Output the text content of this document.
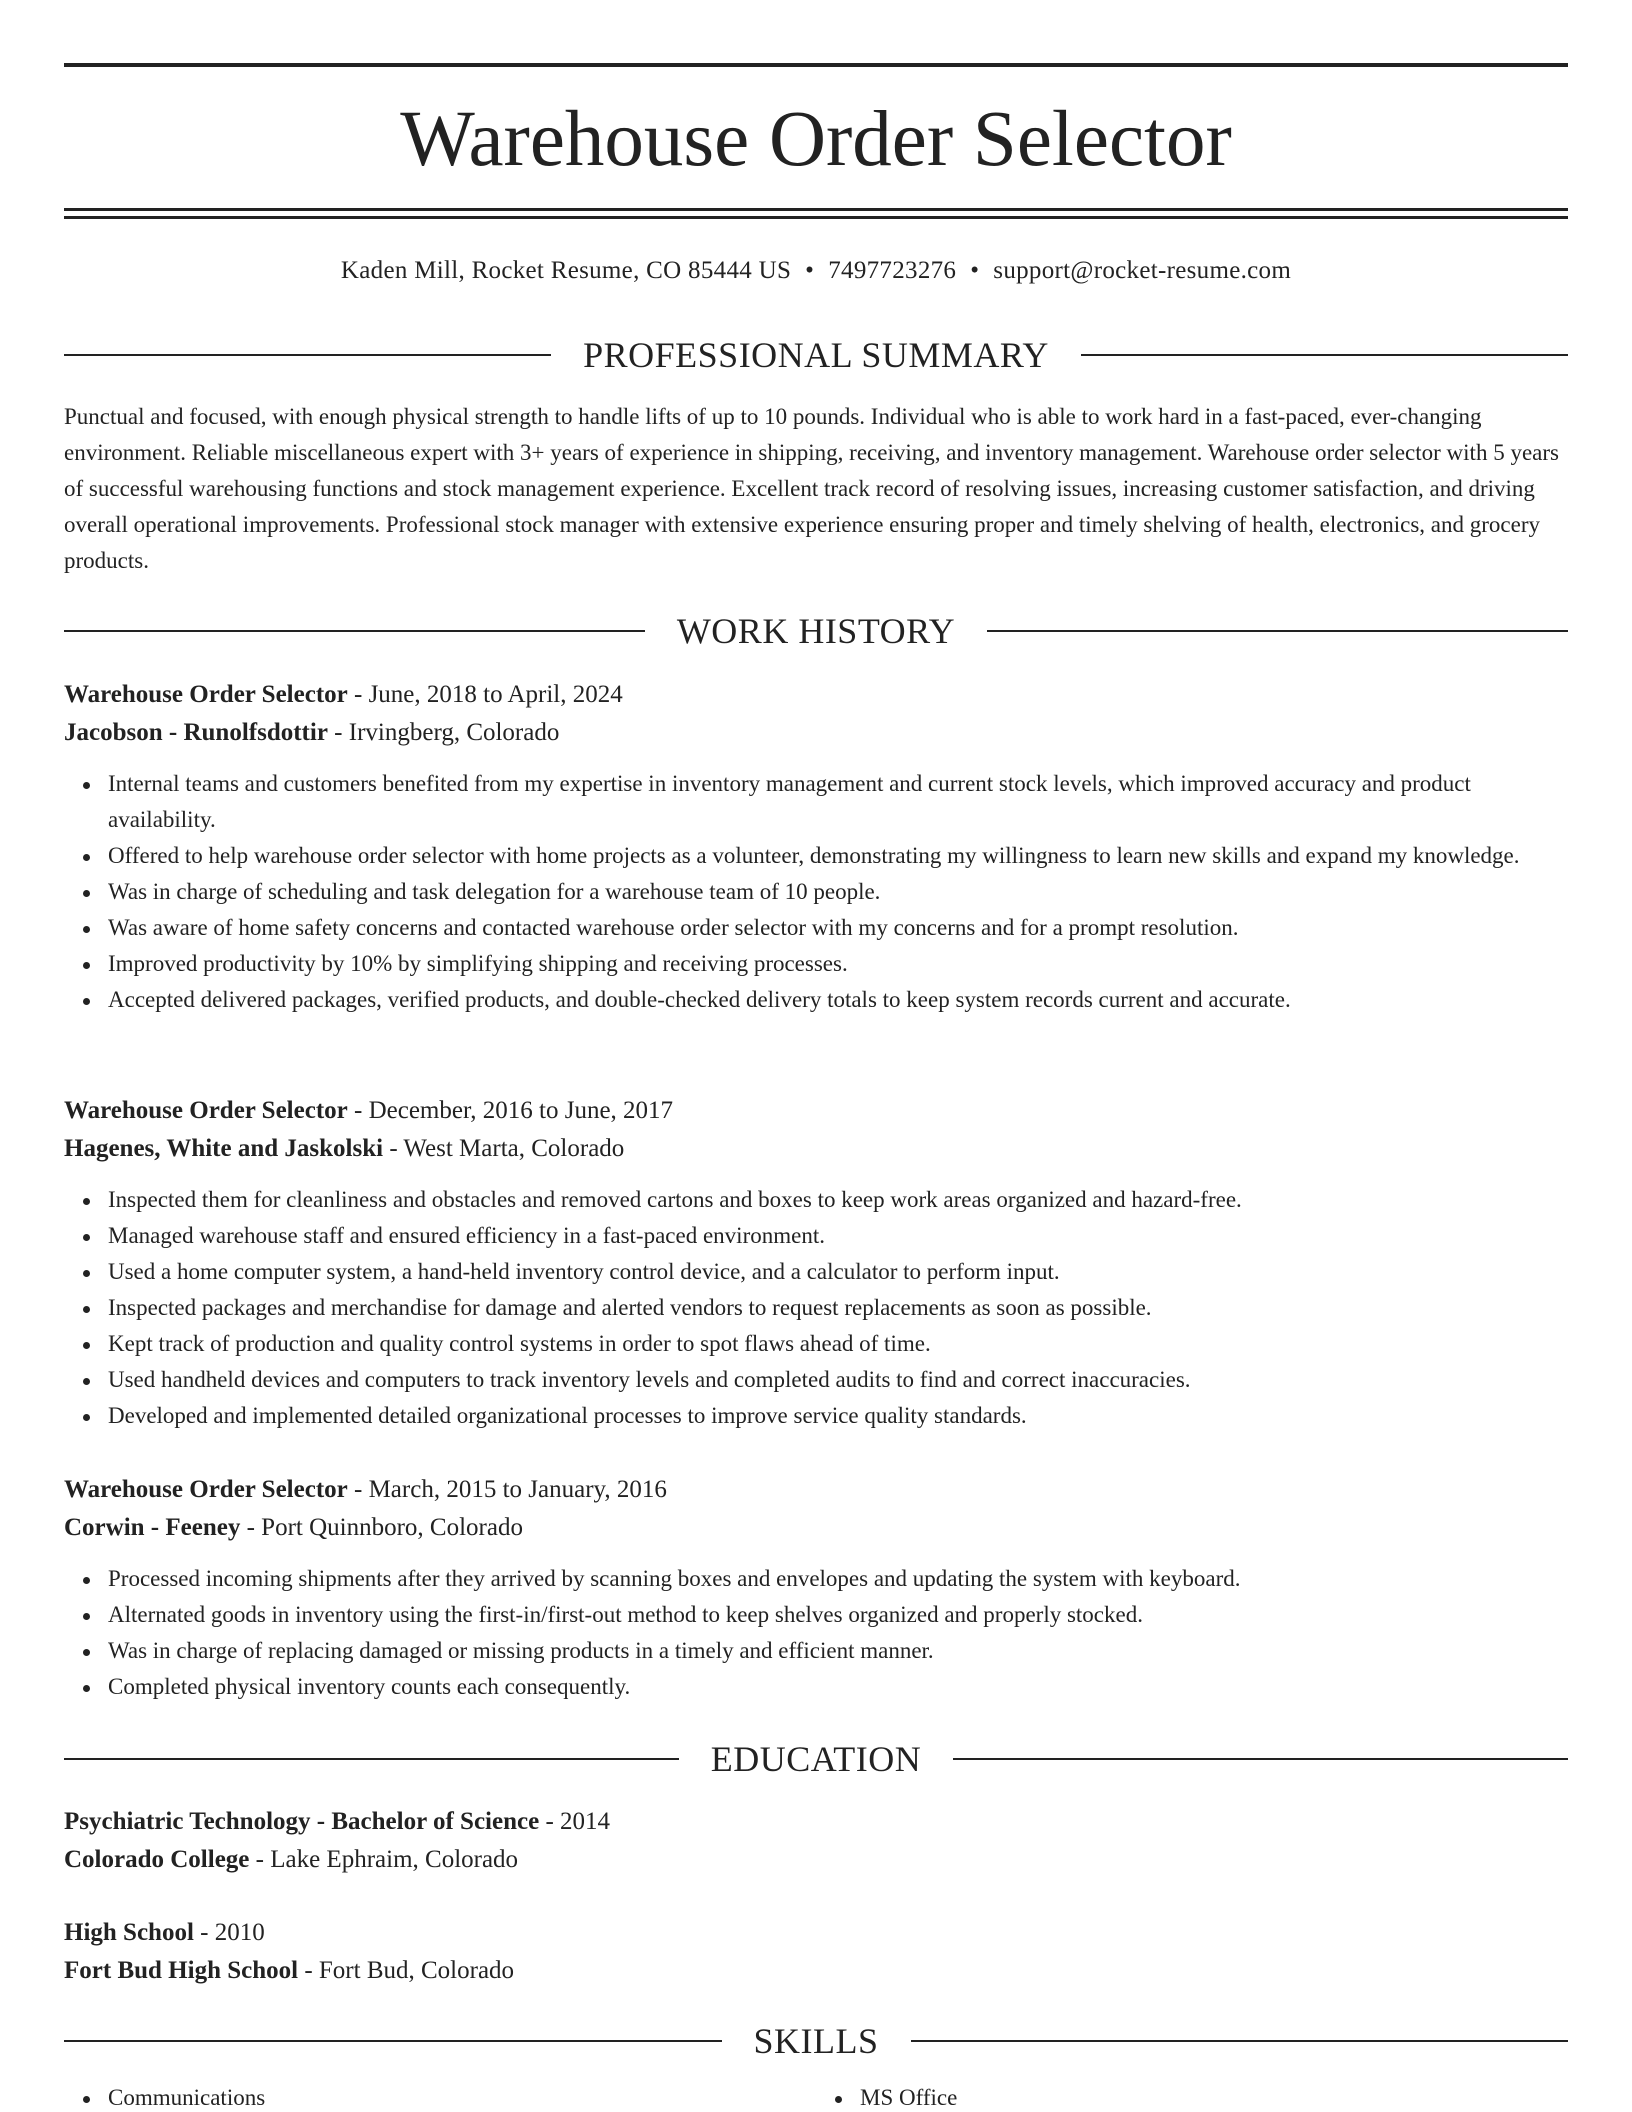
Warehouse Order Selector
Kaden Mill, Rocket Resume, CO 85444 US • 7497723276 • support@rocket-resume.com
PROFESSIONAL SUMMARY

Punctual and focused, with enough physical strength to handle lifts of up to 10 pounds. Individual who is able to work hard in a fast-paced, ever-changing environment. Reliable miscellaneous expert with 3+ years of experience in shipping, receiving, and inventory management. Warehouse order selector with 5 years of successful warehousing functions and stock management experience. Excellent track record of resolving issues, increasing customer satisfaction, and driving overall operational improvements. Professional stock manager with extensive experience ensuring proper and timely shelving of health, electronics, and grocery products.

WORK HISTORY
Warehouse Order Selector - June, 2018 to April, 2024
Jacobson - Runolfsdottir - Irvingberg, Colorado
Internal teams and customers benefited from my expertise in inventory management and current stock levels, which improved accuracy and product availability.
Offered to help warehouse order selector with home projects as a volunteer, demonstrating my willingness to learn new skills and expand my knowledge.
Was in charge of scheduling and task delegation for a warehouse team of 10 people.
Was aware of home safety concerns and contacted warehouse order selector with my concerns and for a prompt resolution.
Improved productivity by 10% by simplifying shipping and receiving processes.
Accepted delivered packages, verified products, and double-checked delivery totals to keep system records current and accurate.
Warehouse Order Selector - December, 2016 to June, 2017
Hagenes, White and Jaskolski - West Marta, Colorado
Inspected them for cleanliness and obstacles and removed cartons and boxes to keep work areas organized and hazard-free.
Managed warehouse staff and ensured efficiency in a fast-paced environment.
Used a home computer system, a hand-held inventory control device, and a calculator to perform input.
Inspected packages and merchandise for damage and alerted vendors to request replacements as soon as possible.
Kept track of production and quality control systems in order to spot flaws ahead of time.
Used handheld devices and computers to track inventory levels and completed audits to find and correct inaccuracies.
Developed and implemented detailed organizational processes to improve service quality standards.
Warehouse Order Selector - March, 2015 to January, 2016
Corwin - Feeney - Port Quinnboro, Colorado
Processed incoming shipments after they arrived by scanning boxes and envelopes and updating the system with keyboard.
Alternated goods in inventory using the first-in/first-out method to keep shelves organized and properly stocked.
Was in charge of replacing damaged or missing products in a timely and efficient manner.
Completed physical inventory counts each consequently.
EDUCATION
Psychiatric Technology - Bachelor of Science - 2014
Colorado College - Lake Ephraim, Colorado
High School - 2010
Fort Bud High School - Fort Bud, Colorado
SKILLS
Communications	MS Office
